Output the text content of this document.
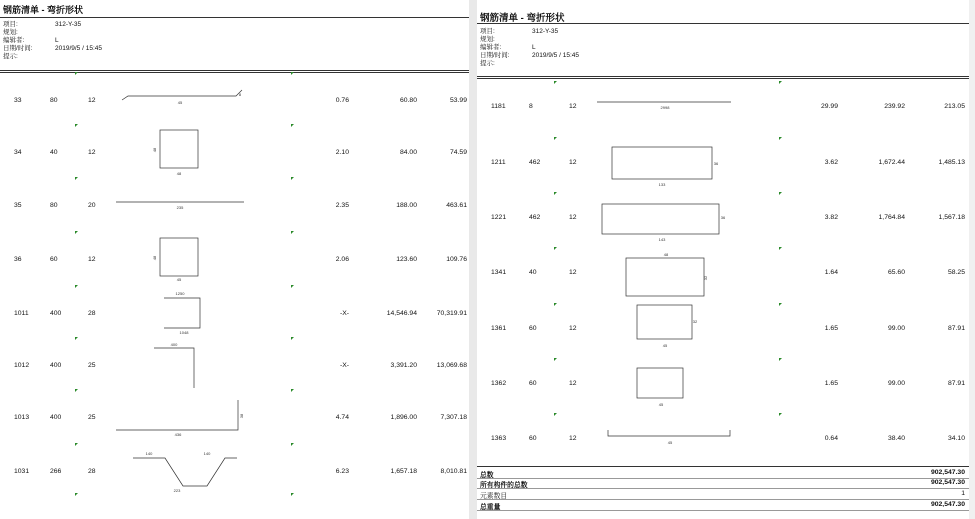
钢筋清单 - 弯折形状
项目:	312-Y-35
规划:
编辑者:	L
日期/时间:	2019/9/5 / 15:45
提示:
33	80	12	0.76	60.80	53.99
34	40	12	2.10	84.00	74.59
35	80	20	2.35	188.00	463.61
36	60	12	2.06	123.60	109.76
1011	400	28	-X-	14,546.94	70,319.91
1012	400	25	-X-	3,391.20	13,069.68
1013	400	25	4.74	1,896.00	7,307.18
1031	266	28	6.23	1,657.18	8,010.81
45
8
48
48
235
45
48
1250
1048
400
436
38
140	140
223
钢筋清单 - 弯折形状
项目:	312-Y-35
规划:
编辑者:	L
日期/时间:	2019/9/5 / 15:45
提示:
总数	902,547.30
所有构件的总数	902,547.30
元素数目	1
总重量	902,547.30
1181	8	12	29.99	239.92	213.05
1211	462	12	3.62	1,672.44	1,485.13
1221	462	12	3.82	1,764.84	1,567.18
1341	40	12	1.64	65.60	58.25
1361	60	12	1.65	99.00	87.91
1362	60	12	1.65	99.00	87.91
1363	60	12	0.64	38.40	34.10
2998
133
36
143
36
48
32
45
32
45
45
